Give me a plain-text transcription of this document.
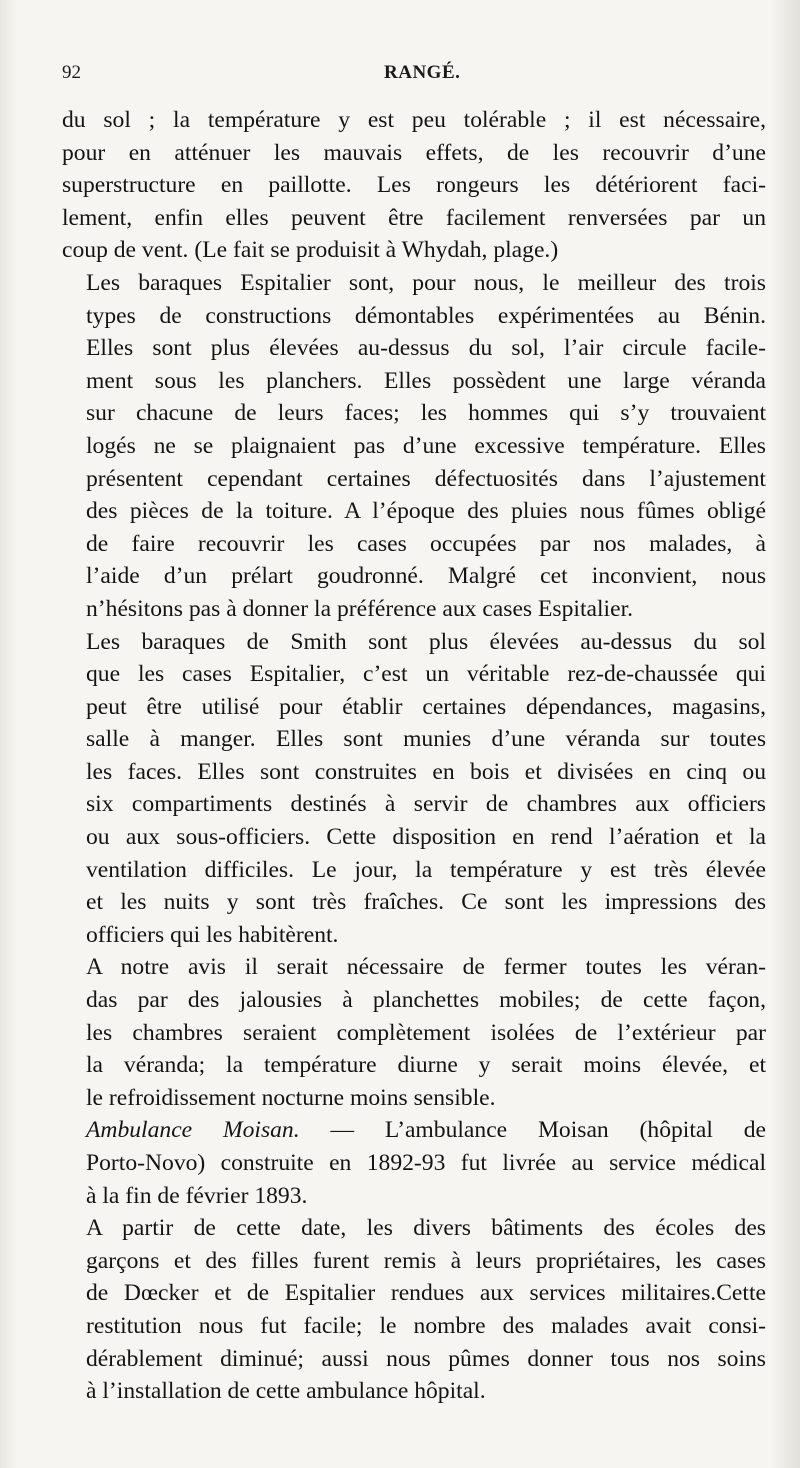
92	RANGÉ.

du sol ; la température y est peu tolérable ; il est nécessaire,
pour en atténuer les mauvais effets, de les recouvrir d’une
superstructure en paillotte. Les rongeurs les détériorent faci-
lement, enfin elles peuvent être facilement renversées par un
coup de vent. (Le fait se produisit à Whydah, plage.)

Les baraques Espitalier sont, pour nous, le meilleur des trois
types de constructions démontables expérimentées au Bénin.
Elles sont plus élevées au-dessus du sol, l’air circule facile-
ment sous les planchers. Elles possèdent une large véranda
sur chacune de leurs faces; les hommes qui s’y trouvaient
logés ne se plaignaient pas d’une excessive température. Elles
présentent cependant certaines défectuosités dans l’ajustement
des pièces de la toiture. A l’époque des pluies nous fûmes obligé
de faire recouvrir les cases occupées par nos malades, à
l’aide d’un prélart goudronné. Malgré cet inconvient, nous
n’hésitons pas à donner la préférence aux cases Espitalier.

Les baraques de Smith sont plus élevées au-dessus du sol
que les cases Espitalier, c’est un véritable rez-de-chaussée qui
peut être utilisé pour établir certaines dépendances, magasins,
salle à manger. Elles sont munies d’une véranda sur toutes
les faces. Elles sont construites en bois et divisées en cinq ou
six compartiments destinés à servir de chambres aux officiers
ou aux sous-officiers. Cette disposition en rend l’aération et la
ventilation difficiles. Le jour, la température y est très élevée
et les nuits y sont très fraîches. Ce sont les impressions des
officiers qui les habitèrent.

A notre avis il serait nécessaire de fermer toutes les véran-
das par des jalousies à planchettes mobiles; de cette façon,
les chambres seraient complètement isolées de l’extérieur par
la véranda; la température diurne y serait moins élevée, et
le refroidissement nocturne moins sensible.

Ambulance Moisan. — L’ambulance Moisan (hôpital de
Porto-Novo) construite en 1892-93 fut livrée au service médical
à la fin de février 1893.

A partir de cette date, les divers bâtiments des écoles des
garçons et des filles furent remis à leurs propriétaires, les cases
de Dœcker et de Espitalier rendues aux services militaires.Cette
restitution nous fut facile; le nombre des malades avait consi-
dérablement diminué; aussi nous pûmes donner tous nos soins
à l’installation de cette ambulance hôpital.
